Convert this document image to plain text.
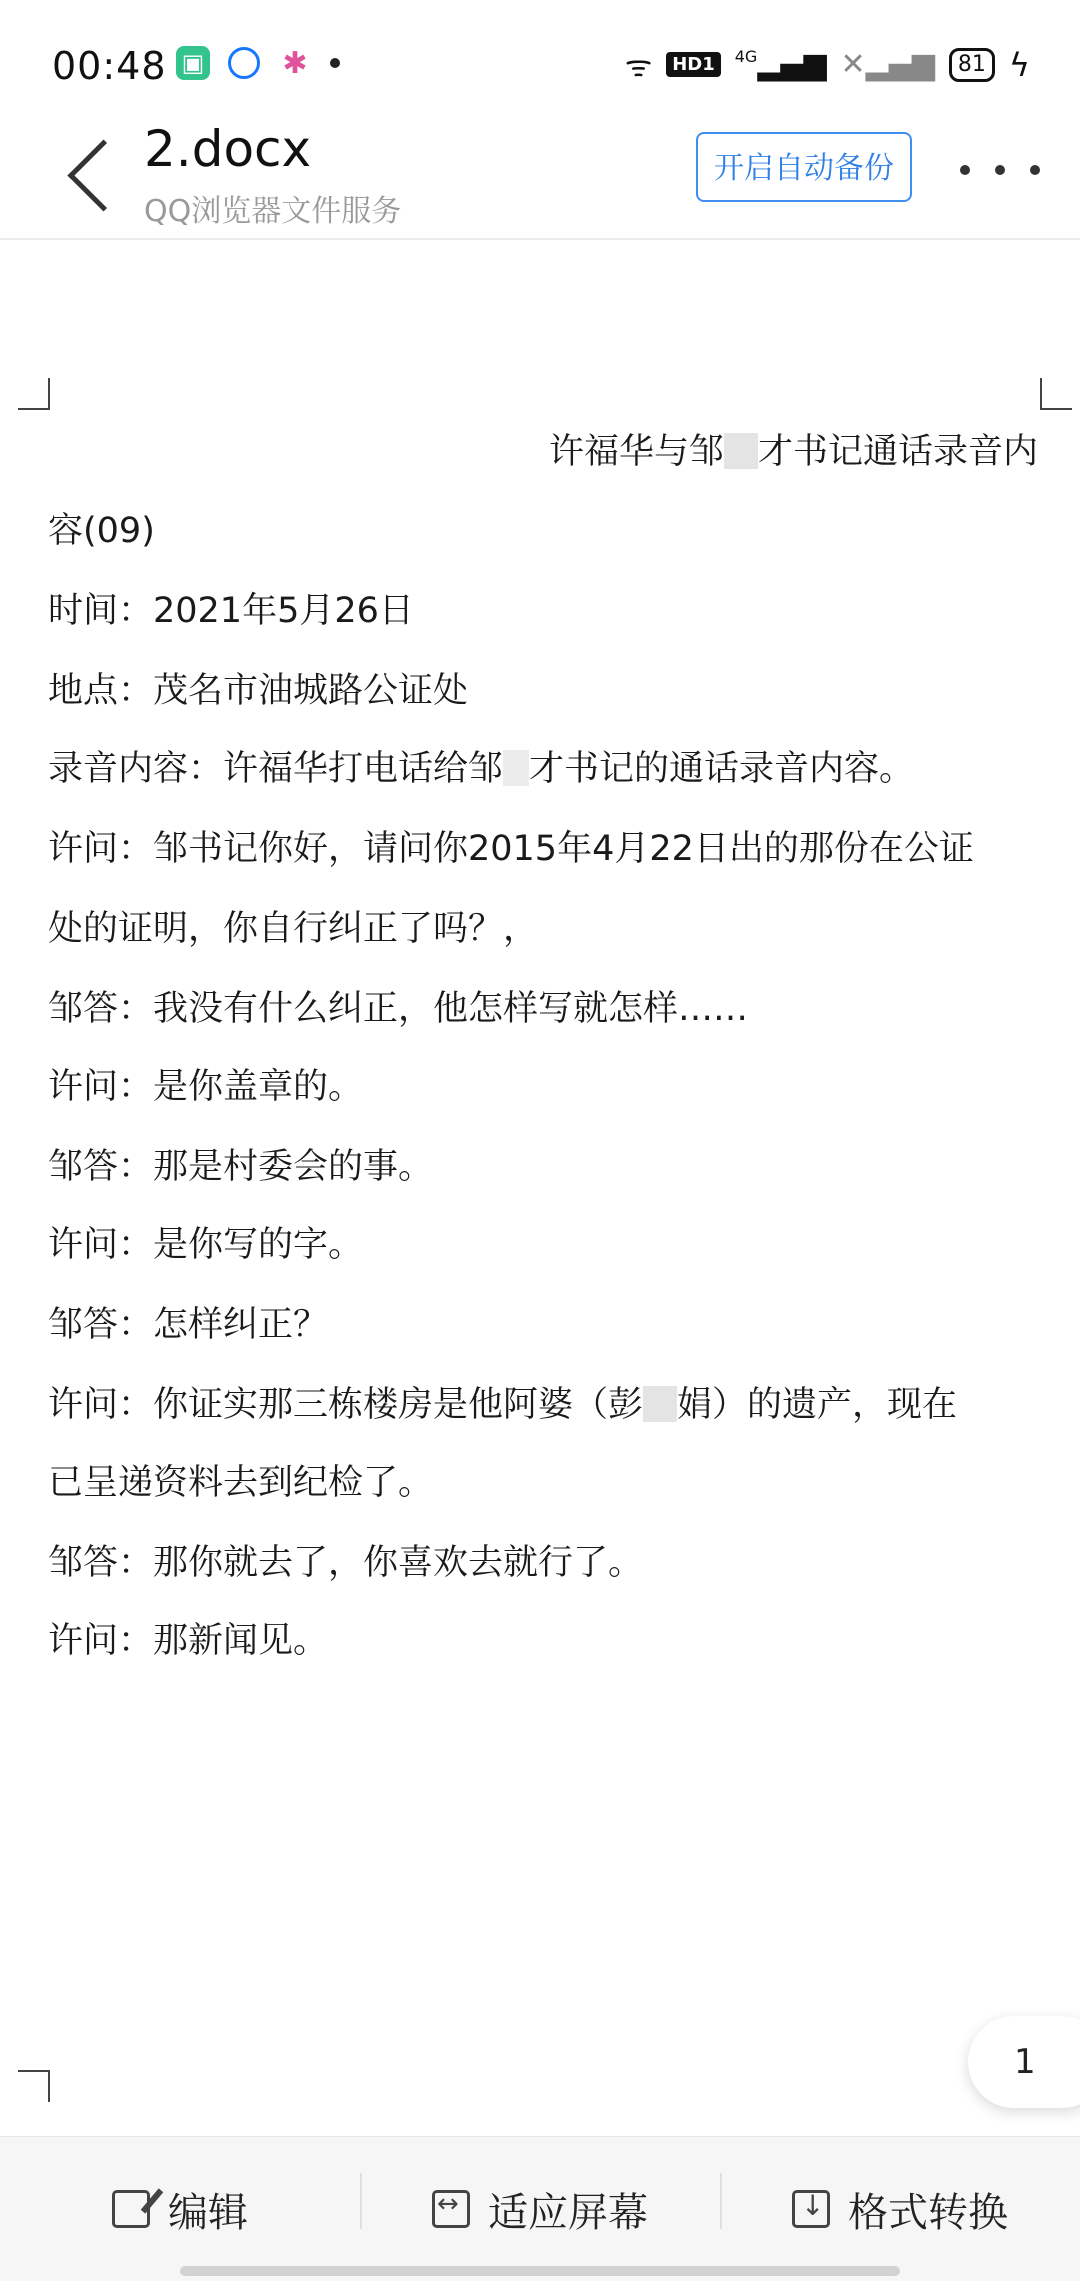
00:48 ▣	✱	ᯤ	HD1	$^{4G}$▂▄▆ ✕▂▄▆	81 ϟ
2.docx
QQ浏览器文件服务
开启自动备份
许福华与邹 才书记通话录音内
容(09)
时间：2021年5月26日
地点：茂名市油城路公证处
录音内容：许福华打电话给邹 才书记的通话录音内容。
许问：邹书记你好，请问你2015年4月22日出的那份在公证
处的证明，你自行纠正了吗？，
邹答：我没有什么纠正，他怎样写就怎样……
许问：是你盖章的。
邹答：那是村委会的事。
许问：是你写的字。
邹答：怎样纠正？
许问：你证实那三栋楼房是他阿婆（彭 娟）的遗产，现在
已呈递资料去到纪检了。
邹答：那你就去了，你喜欢去就行了。
许问：那新闻见。
1
编辑 ↔	适应屏幕 ↓	格式转换
